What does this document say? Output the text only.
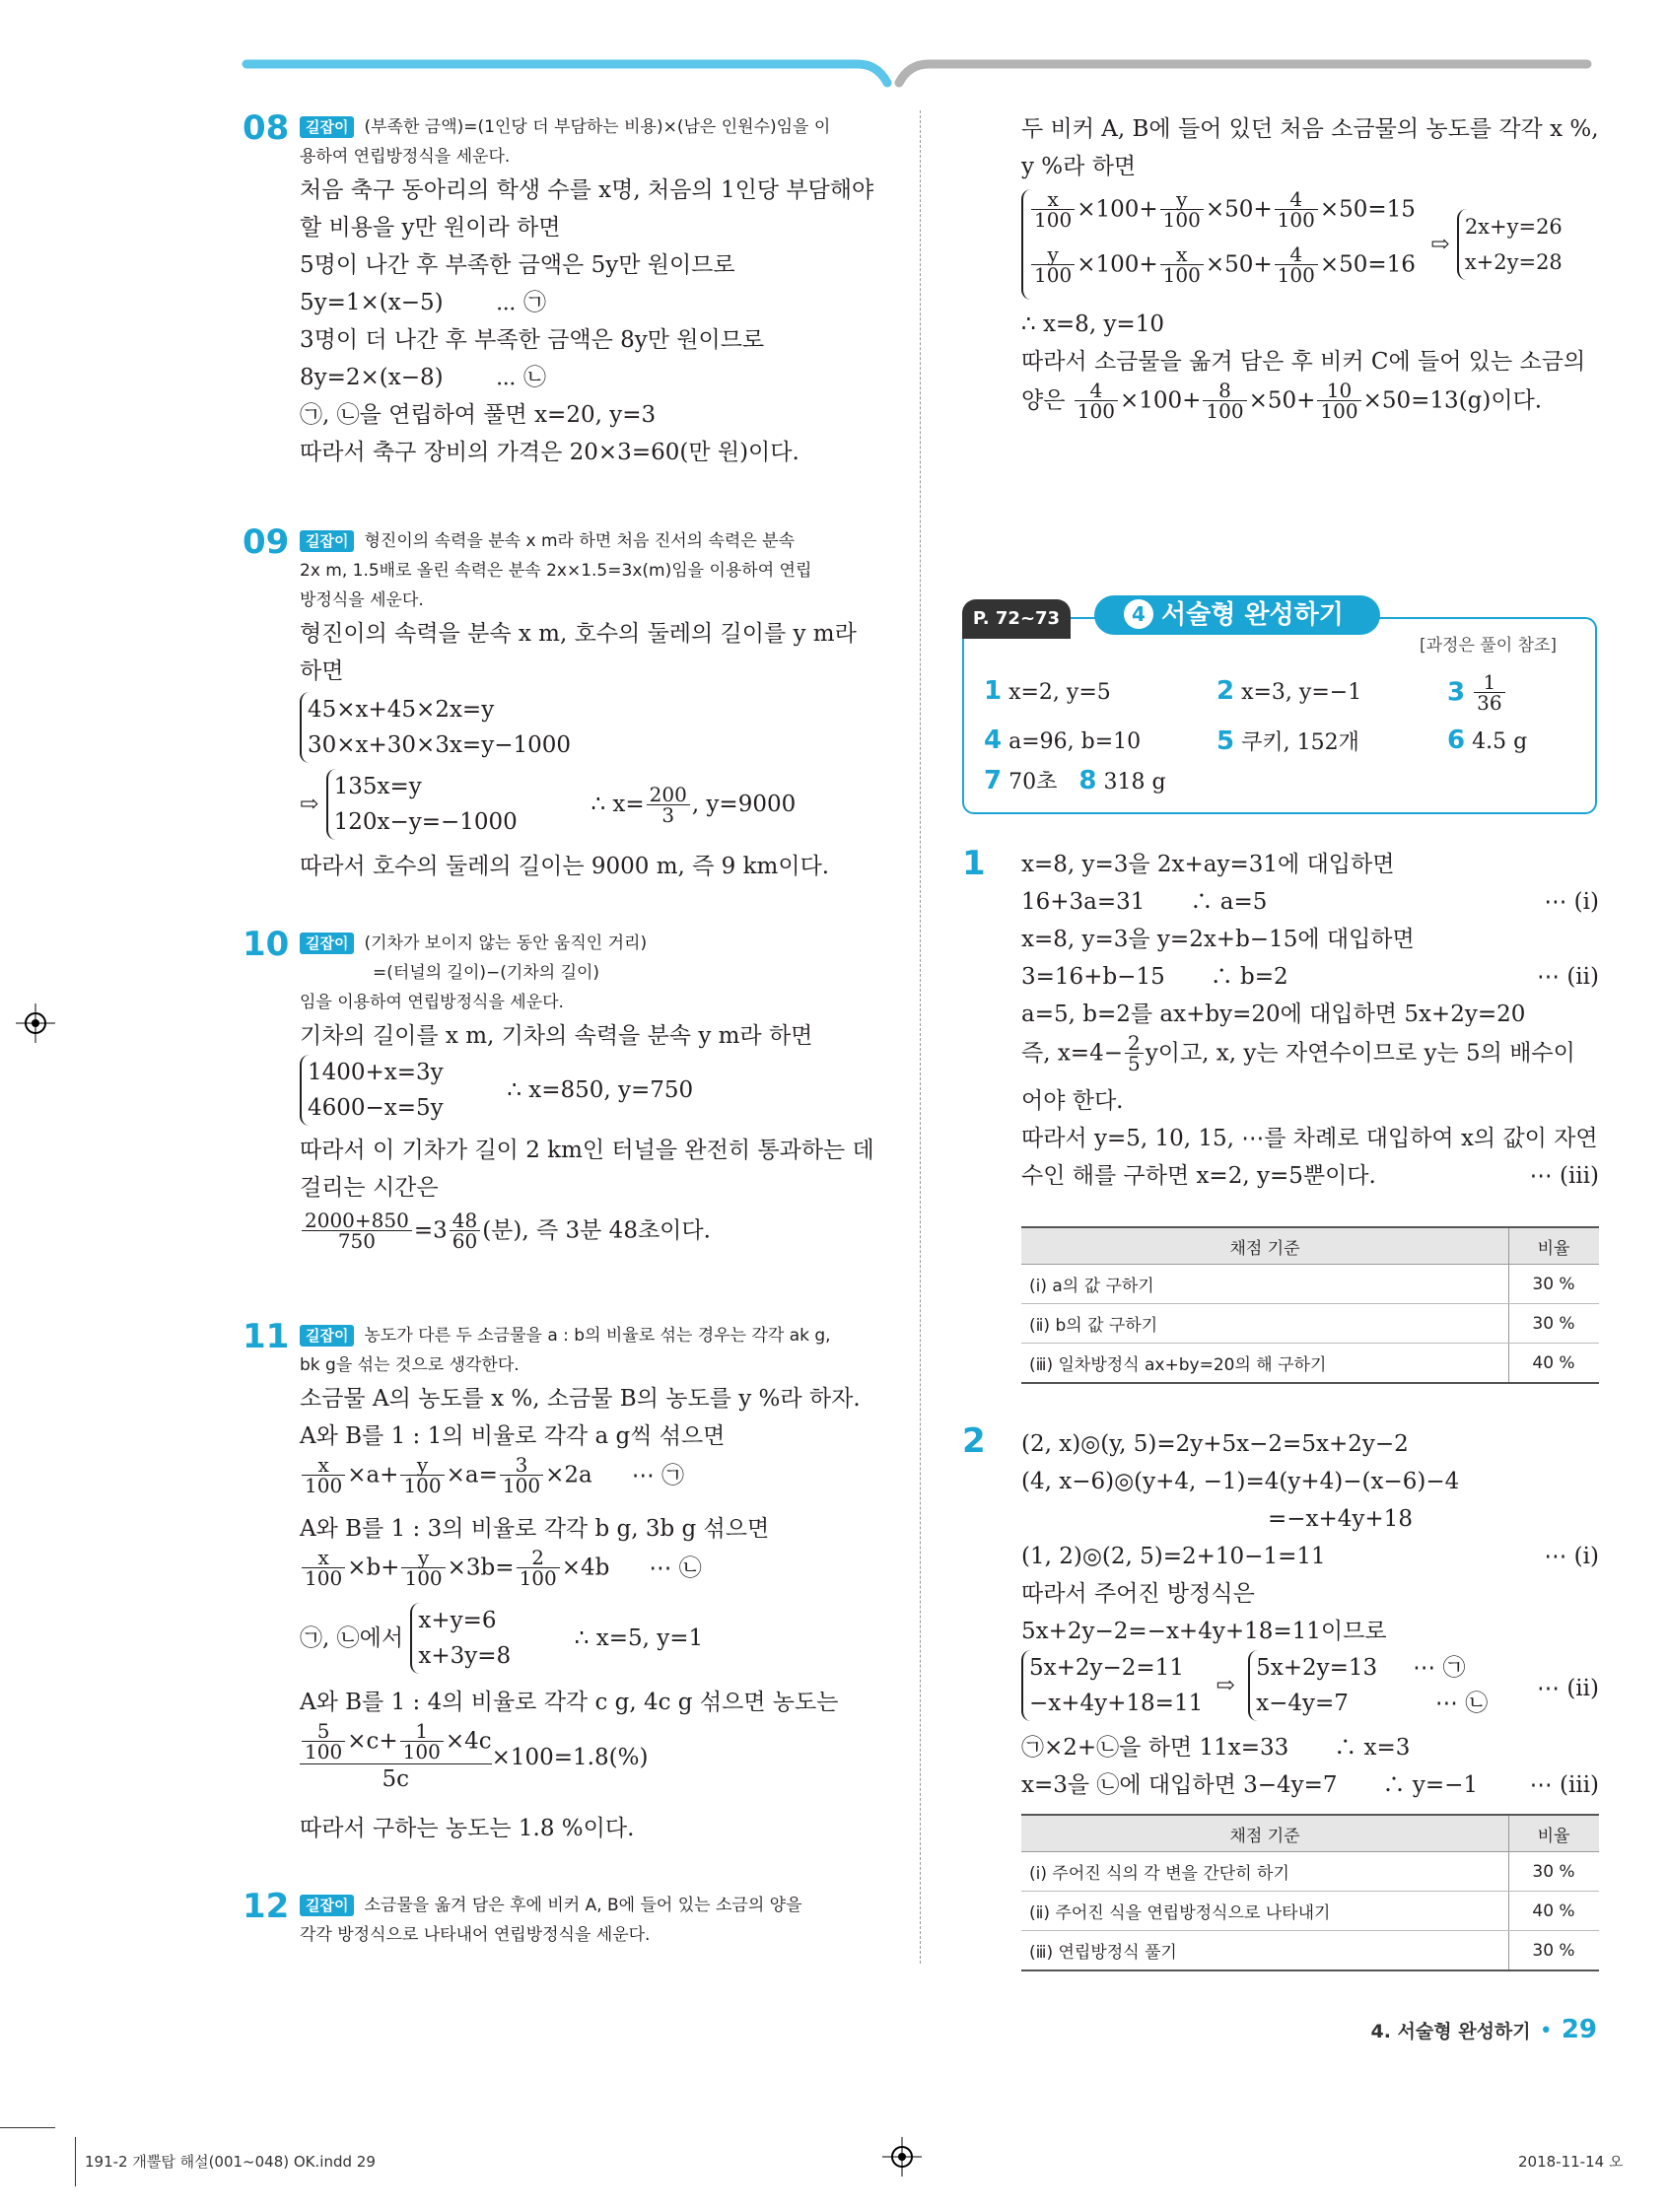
08	길잡이 (부족한 금액)=(1인당 더 부담하는 비용)×(남은 인원수)임을 이
용하여 연립방정식을 세운다.
처음 축구 동아리의 학생 수를 x명, 처음의 1인당 부담해야
할 비용을 y만 원이라 하면
5명이 나간 후 부족한 금액은 5y만 원이므로
5y=1×(x−5)　　 ⋯ ㉠
3명이 더 나간 후 부족한 금액은 8y만 원이므로
8y=2×(x−8)　　 ⋯ ㉡
㉠, ㉡을 연립하여 풀면 x=20, y=3
따라서 축구 장비의 가격은 20×3=60(만 원)이다.
09	길잡이 형진이의 속력을 분속 x m라 하면 처음 진서의 속력은 분속
2x m, 1.5배로 올린 속력은 분속 2x×1.5=3x(m)임을 이용하여 연립
방정식을 세운다.
형진이의 속력을 분속 x m, 호수의 둘레의 길이를 y m라
하면
45×x+45×2x=y
30×x+30×3x=y−1000
⇨
135x=y
120x−y=−1000
∴ $x= \frac{200}{3}$ , y=9000
따라서 호수의 둘레의 길이는 9000 m, 즉 9 km이다.
10	길잡이 (기차가 보이지 않는 동안 움직인 거리)
=(터널의 길이)−(기차의 길이)
임을 이용하여 연립방정식을 세운다.
기차의 길이를 x m, 기차의 속력을 분속 y m라 하면
1400+x=3y
4600−x=5y
∴ x=850, y=750
따라서 이 기차가 길이 2 km인 터널을 완전히 통과하는 데
걸리는 시간은
$\frac{2000+850}{750} =3 \frac{48}{60}$ (분), 즉 3분 48초이다.
11	길잡이 농도가 다른 두 소금물을 a : b의 비율로 섞는 경우는 각각 ak g,
bk g을 섞는 것으로 생각한다.
소금물 A의 농도를 x %, 소금물 B의 농도를 y %라 하자.
A와 B를 1 : 1의 비율로 각각 a g씩 섞으면
$\frac{x}{100} \times a+ \frac{y}{100} \times a= \frac{3}{100} \times 2a$ ⋯ ㉠
A와 B를 1 : 3의 비율로 각각 b g, 3b g 섞으면
$\frac{x}{100} \times b+ \frac{y}{100} \times 3b= \frac{2}{100} \times 4b$ ⋯ ㉡
㉠, ㉡에서
x+y=6
x+3y=8
∴ x=5, y=1
A와 B를 1 : 4의 비율로 각각 c g, 4c g 섞으면 농도는
$\frac{\frac{5}{100} \times c+ \frac{1}{100} \times 4c}{5c} \times 100=1.8(\%)$
따라서 구하는 농도는 1.8 %이다.
12	길잡이 소금물을 옮겨 담은 후에 비커 A, B에 들어 있는 소금의 양을
각각 방정식으로 나타내어 연립방정식을 세운다.
두 비커 A, B에 들어 있던 처음 소금물의 농도를 각각 x %,
y %라 하면
$\frac{x}{100} \times 100+ \frac{y}{100} \times 50+ \frac{4}{100} \times 50=15$
$\frac{y}{100} \times 100+ \frac{x}{100} \times 50+ \frac{4}{100} \times 50=16$
⇨
2x+y=26
x+2y=28
∴ x=8, y=10
따라서 소금물을 옮겨 담은 후 비커 C에 들어 있는 소금의
양은 $\frac{4}{100} \times 100+ \frac{8}{100} \times 50+ \frac{10}{100} \times 50=13(g)$이다.
P. 72~73	4 서술형 완성하기
[과정은 풀이 참조]
1 x=2, y=5	2 x=3, y=−1	$3 \frac{1}{36}$
4 a=96, b=10	5 쿠키, 152개	6 4.5 g
7 70초　 8 318 g
1 x=8, y=3을 2x+ay=31에 대입하면
16+3a=31　　∴ a=5	⋯ (ⅰ)
x=8, y=3을 y=2x+b−15에 대입하면
3=16+b−15　　∴ b=2	⋯ (ⅱ)
a=5, b=2를 ax+by=20에 대입하면 5x+2y=20
즉, $x=4- \frac{2}{5}$ y이고, x, y는 자연수이므로 y는 5의 배수이
어야 한다.
따라서 y=5, 10, 15, ⋯를 차례로 대입하여 x의 값이 자연
수인 해를 구하면 x=2, y=5뿐이다.	⋯ (ⅲ)
채점 기준	비율
(ⅰ) a의 값 구하기	30 %
(ⅱ) b의 값 구하기	30 %
(ⅲ) 일차방정식 ax+by=20의 해 구하기	40 %
2 (2, x)◎(y, 5)=2y+5x−2=5x+2y−2
(4, x−6)◎(y+4, −1)=4(y+4)−(x−6)−4
=−x+4y+18
(1, 2)◎(2, 5)=2+10−1=11	⋯ (ⅰ)
따라서 주어진 방정식은
5x+2y−2=−x+4y+18=11이므로
5x+2y−2=11
−x+4y+18=11
⇨
5x+2y=13 ⋯ ㉠
x−4y=7	⋯ ㉡
⋯ (ⅱ)
㉠×2+㉡을 하면 11x=33　　∴ x=3
x=3을 ㉡에 대입하면 3−4y=7　　∴ y=−1 ⋯ (ⅲ)
채점 기준	비율
(ⅰ) 주어진 식의 각 변을 간단히 하기	30 %
(ⅱ) 주어진 식을 연립방정식으로 나타내기	40 %
(ⅲ) 연립방정식 풀기	30 %
4. 서술형 완성하기 • 29
191-2 개뿔탑 해설(001~048) OK.indd 29	2018-11-14 오
